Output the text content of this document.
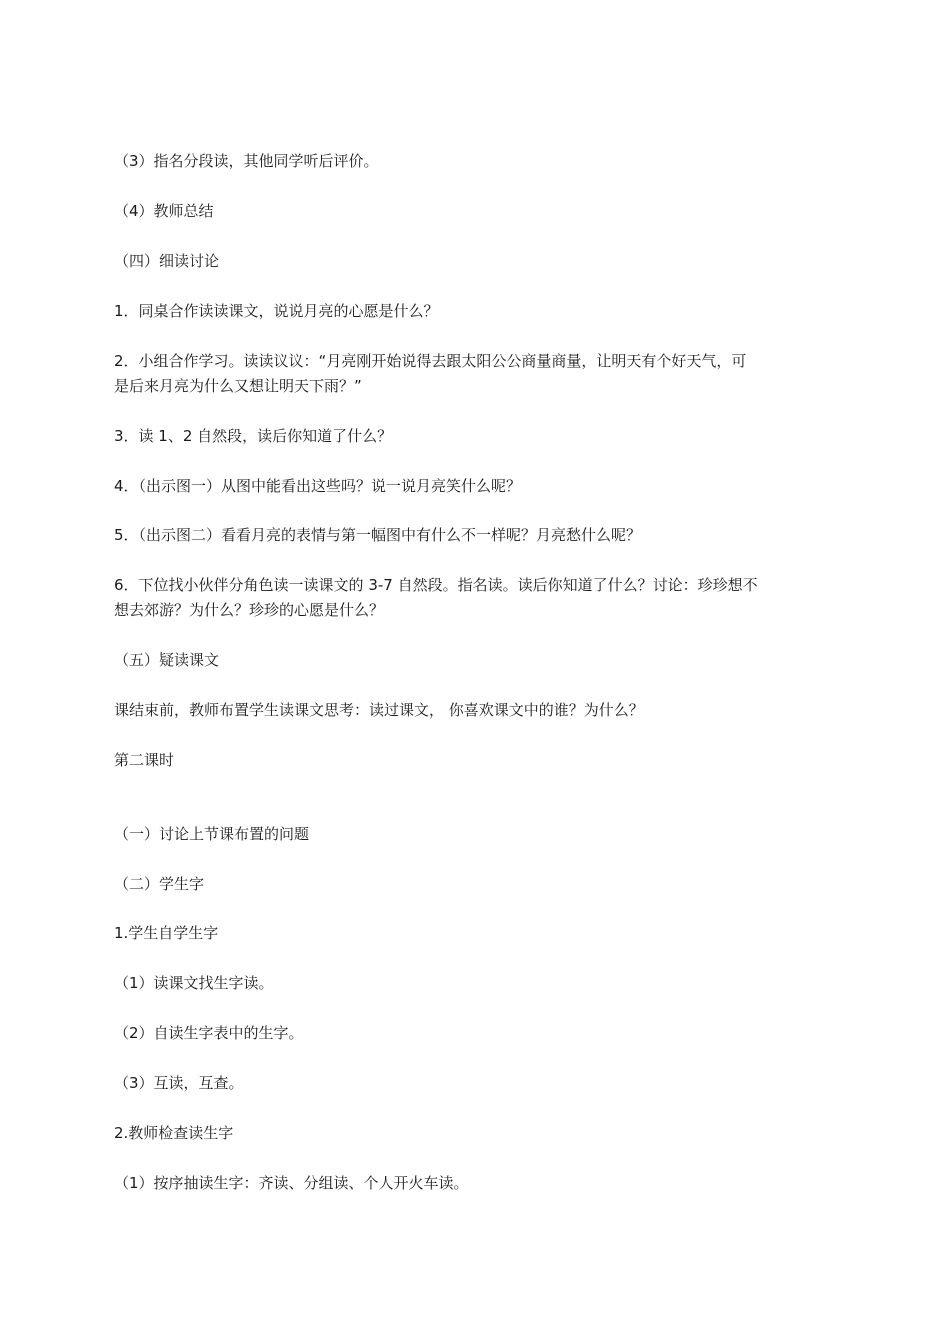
（3）指名分段读，其他同学听后评价。
（4）教师总结
（四）细读讨论
1．同桌合作读读课文，说说月亮的心愿是什么？
2．小组合作学习。读读议议：“月亮刚开始说得去跟太阳公公商量商量，让明天有个好天气，可
是后来月亮为什么又想让明天下雨？”
3．读 1、2 自然段，读后你知道了什么？
4．（出示图一）从图中能看出这些吗？说一说月亮笑什么呢？
5．（出示图二）看看月亮的表情与第一幅图中有什么不一样呢？月亮愁什么呢？
6．下位找小伙伴分角色读一读课文的 3-7 自然段。指名读。读后你知道了什么？讨论：珍珍想不
想去郊游？为什么？珍珍的心愿是什么？
（五）疑读课文
课结束前，教师布置学生读课文思考：读过课文， 你喜欢课文中的谁？为什么？
第二课时
（一）讨论上节课布置的问题
（二）学生字
1.学生自学生字
（1）读课文找生字读。
（2）自读生字表中的生字。
（3）互读，互查。
2.教师检查读生字
（1）按序抽读生字：齐读、分组读、个人开火车读。
